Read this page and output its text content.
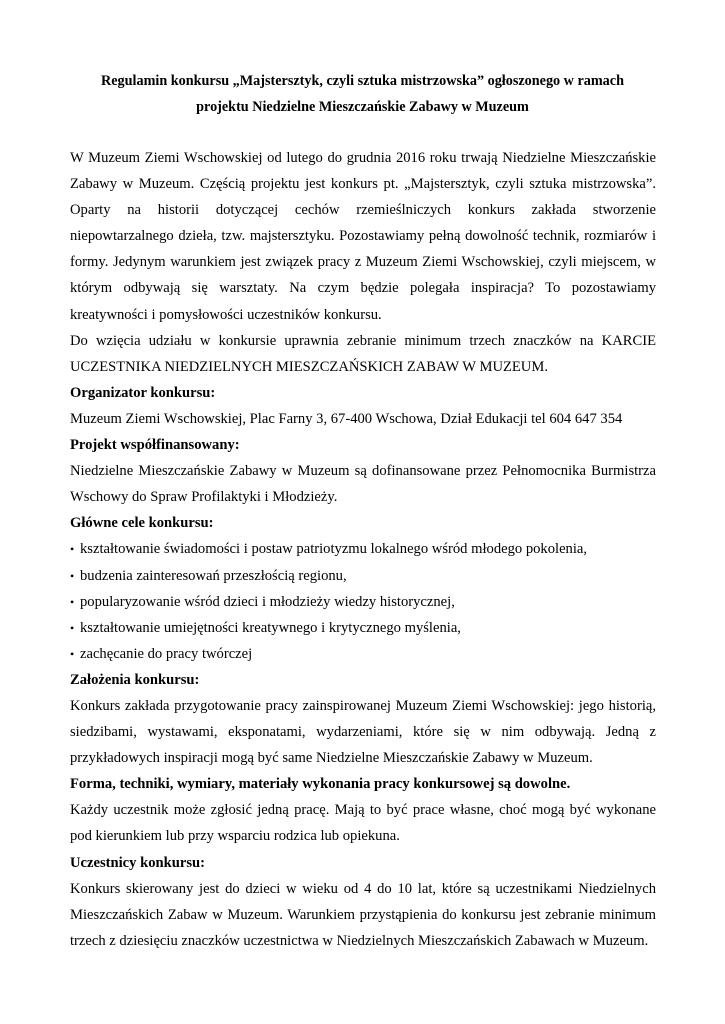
Regulamin konkursu „Majstersztyk, czyli sztuka mistrzowska” ogłoszonego w ramach
projektu Niedzielne Mieszczańskie Zabawy w Muzeum

W Muzeum Ziemi Wschowskiej od lutego do grudnia 2016 roku trwają Niedzielne Mieszczańskie Zabawy w Muzeum. Częścią projektu jest konkurs pt. „Majstersztyk, czyli sztuka mistrzowska”. Oparty na historii dotyczącej cechów rzemieślniczych konkurs zakłada stworzenie niepowtarzalnego dzieła, tzw. majstersztyku. Pozostawiamy pełną dowolność technik, rozmiarów i formy. Jedynym warunkiem jest związek pracy z Muzeum Ziemi Wschowskiej, czyli miejscem, w którym odbywają się warsztaty. Na czym będzie polegała inspiracja? To pozostawiamy kreatywności i pomysłowości uczestników konkursu.

Do wzięcia udziału w konkursie uprawnia zebranie minimum trzech znaczków na KARCIE UCZESTNIKA NIEDZIELNYCH MIESZCZAŃSKICH ZABAW W MUZEUM.

Organizator konkursu:

Muzeum Ziemi Wschowskiej, Plac Farny 3, 67-400 Wschowa, Dział Edukacji tel 604 647 354

Projekt współfinansowany:

Niedzielne Mieszczańskie Zabawy w Muzeum są dofinansowane przez Pełnomocnika Burmistrza Wschowy do Spraw Profilaktyki i Młodzieży.

Główne cele konkursu:

• kształtowanie świadomości i postaw patriotyzmu lokalnego wśród młodego pokolenia,
• budzenia zainteresowań przeszłością regionu,
• popularyzowanie wśród dzieci i młodzieży wiedzy historycznej,
• kształtowanie umiejętności kreatywnego i krytycznego myślenia,
• zachęcanie do pracy twórczej

Założenia konkursu:

Konkurs zakłada przygotowanie pracy zainspirowanej Muzeum Ziemi Wschowskiej: jego historią, siedzibami, wystawami, eksponatami, wydarzeniami, które się w nim odbywają. Jedną z przykładowych inspiracji mogą być same Niedzielne Mieszczańskie Zabawy w Muzeum.

Forma, techniki, wymiary, materiały wykonania pracy konkursowej są dowolne.

Każdy uczestnik może zgłosić jedną pracę. Mają to być prace własne, choć mogą być wykonane pod kierunkiem lub przy wsparciu rodzica lub opiekuna.

Uczestnicy konkursu:

Konkurs skierowany jest do dzieci w wieku od 4 do 10 lat, które są uczestnikami Niedzielnych Mieszczańskich Zabaw w Muzeum. Warunkiem przystąpienia do konkursu jest zebranie minimum trzech z dziesięciu znaczków uczestnictwa w Niedzielnych Mieszczańskich Zabawach w Muzeum.
